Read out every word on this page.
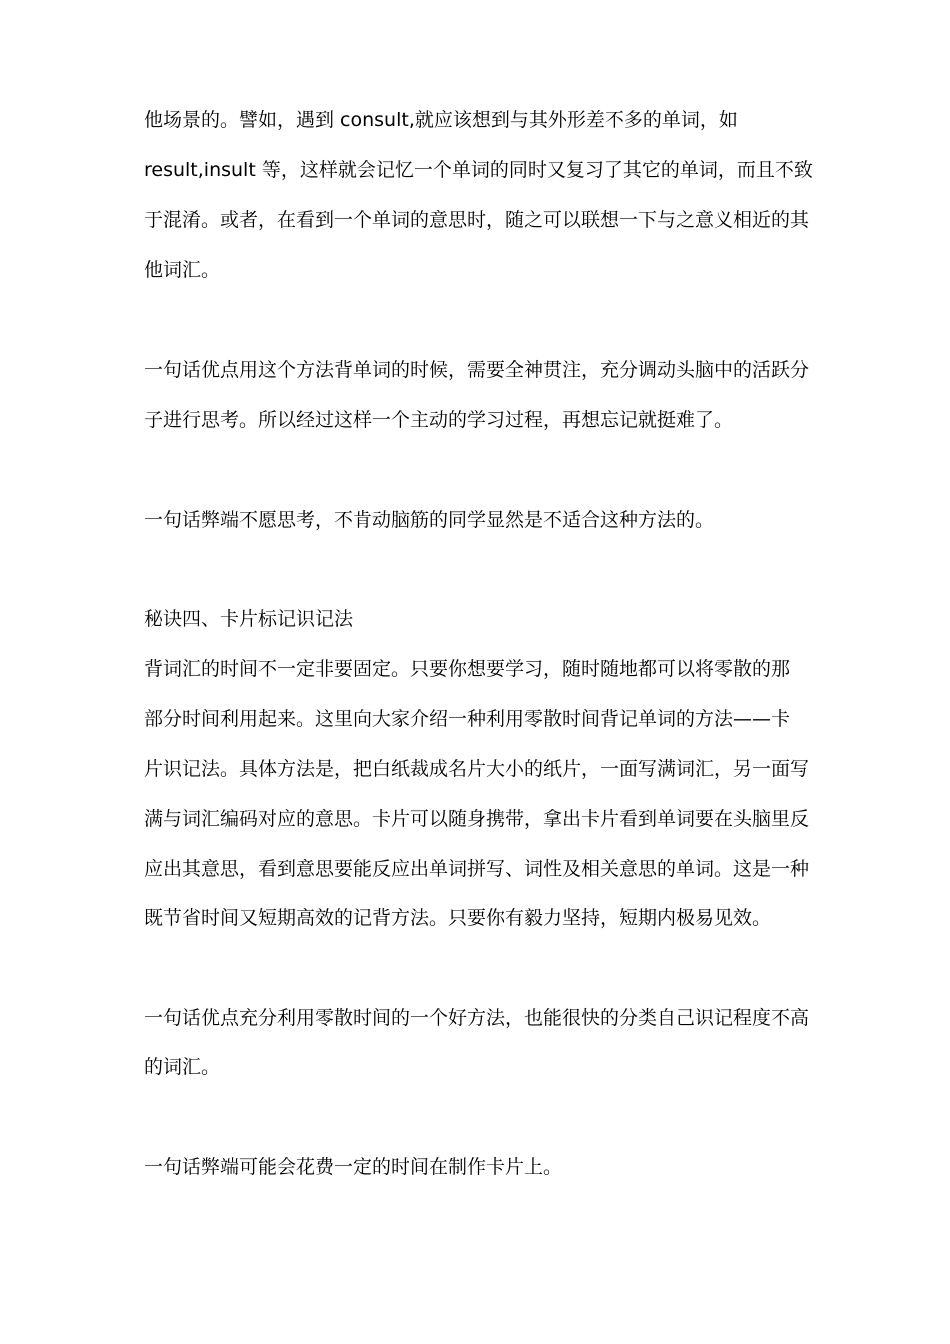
他场景的。譬如，遇到 consult,就应该想到与其外形差不多的单词，如
result,insult 等，这样就会记忆一个单词的同时又复习了其它的单词，而且不致
于混淆。或者，在看到一个单词的意思时，随之可以联想一下与之意义相近的其
他词汇。
一句话优点用这个方法背单词的时候，需要全神贯注，充分调动头脑中的活跃分
子进行思考。所以经过这样一个主动的学习过程，再想忘记就挺难了。
一句话弊端不愿思考，不肯动脑筋的同学显然是不适合这种方法的。
秘诀四、卡片标记识记法
背词汇的时间不一定非要固定。只要你想要学习，随时随地都可以将零散的那
部分时间利用起来。这里向大家介绍一种利用零散时间背记单词的方法——卡
片识记法。具体方法是，把白纸裁成名片大小的纸片，一面写满词汇，另一面写
满与词汇编码对应的意思。卡片可以随身携带，拿出卡片看到单词要在头脑里反
应出其意思，看到意思要能反应出单词拼写、词性及相关意思的单词。这是一种
既节省时间又短期高效的记背方法。只要你有毅力坚持，短期内极易见效。
一句话优点充分利用零散时间的一个好方法，也能很快的分类自己识记程度不高
的词汇。
一句话弊端可能会花费一定的时间在制作卡片上。
